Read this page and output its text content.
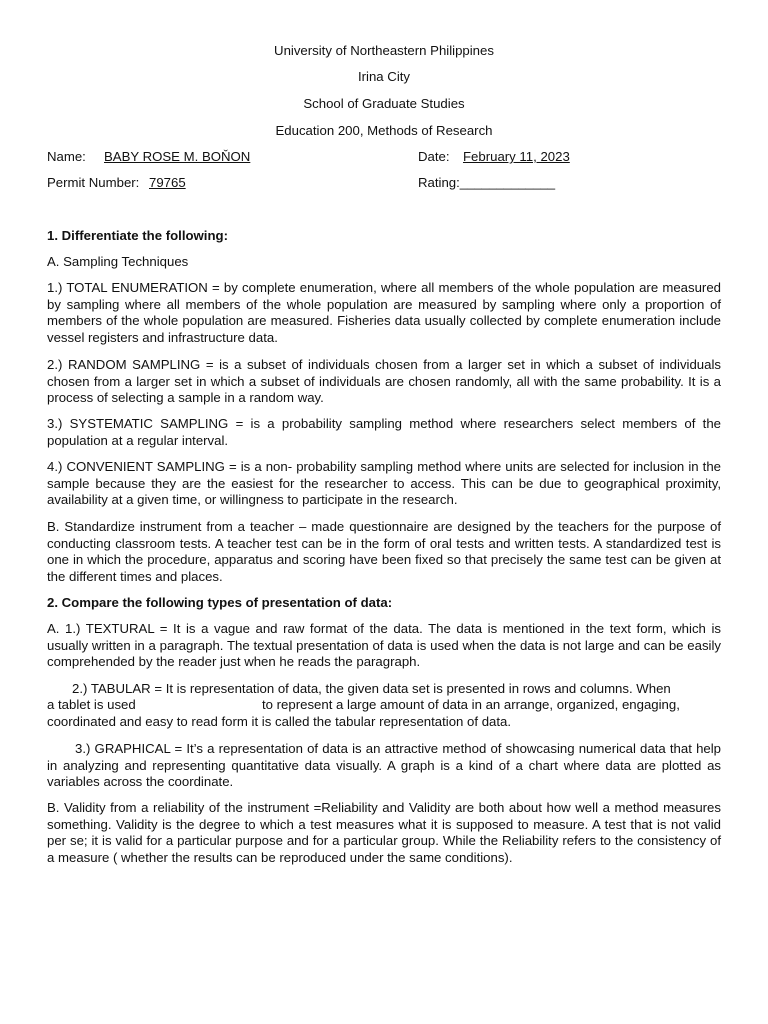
University of Northeastern Philippines
Irina City
School of Graduate Studies
Education 200, Methods of Research
Name: BABY ROSE M. BOŇON	Date: February 11, 2023
Permit Number: 79765	Rating:_____________
1. Differentiate the following:
A. Sampling Techniques

1.) TOTAL ENUMERATION = by complete enumeration, where all members of the whole population are measured by sampling where all members of the whole population are measured by sampling where only a proportion of members of the whole population are measured. Fisheries data usually collected by complete enumeration include vessel registers and infrastructure data.

2.) RANDOM SAMPLING = is a subset of individuals chosen from a larger set in which a subset of individuals chosen from a larger set in which a subset of individuals are chosen randomly, all with the same probability. It is a process of selecting a sample in a random way.

3.) SYSTEMATIC SAMPLING = is a probability sampling method where researchers select members of the population at a regular interval.

4.) CONVENIENT SAMPLING = is a non- probability sampling method where units are selected for inclusion in the sample because they are the easiest for the researcher to access. This can be due to geographical proximity, availability at a given time, or willingness to participate in the research.

B. Standardize instrument from a teacher – made questionnaire are designed by the teachers for the purpose of conducting classroom tests. A teacher test can be in the form of oral tests and written tests. A standardized test is one in which the procedure, apparatus and scoring have been fixed so that precisely the same test can be given at the different times and places.

2. Compare the following types of presentation of data:

A. 1.) TEXTURAL = It is a vague and raw format of the data. The data is mentioned in the text form, which is usually written in a paragraph. The textual presentation of data is used when the data is not large and can be easily comprehended by the reader just when he reads the paragraph.

2.) TABULAR = It is representation of data, the given data set is presented in rows and columns. When
a tablet is used	to represent a large amount of data in an arrange, organized, engaging,
coordinated and easy to read form it is called the tabular representation of data.

3.) GRAPHICAL = It’s a representation of data is an attractive method of showcasing numerical data that help in analyzing and representing quantitative data visually. A graph is a kind of a chart where data are plotted as variables across the coordinate.

B. Validity from a reliability of the instrument =Reliability and Validity are both about how well a method measures something. Validity is the degree to which a test measures what it is supposed to measure. A test that is not valid per se; it is valid for a particular purpose and for a particular group. While the Reliability refers to the consistency of a measure ( whether the results can be reproduced under the same conditions).
